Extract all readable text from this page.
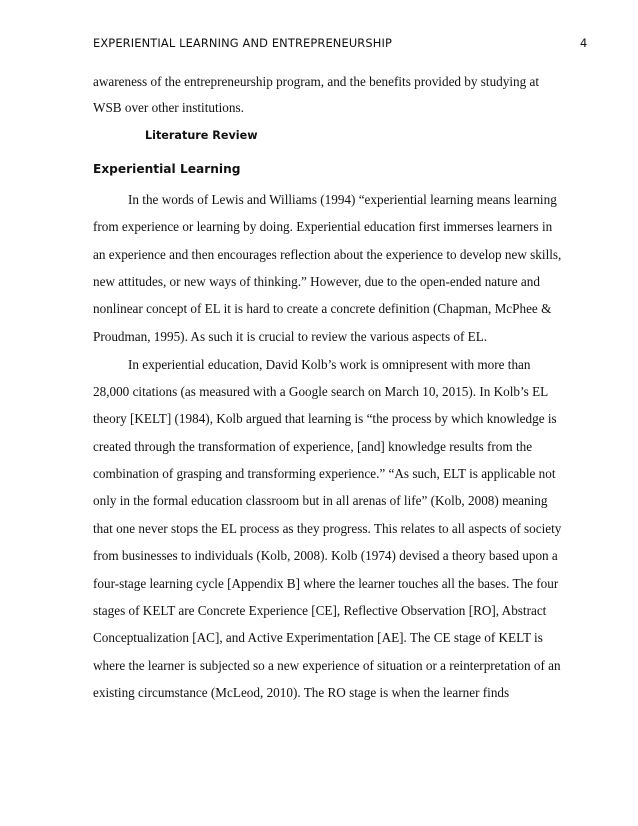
EXPERIENTIAL LEARNING AND ENTREPRENEURSHIP	4
awareness of the entrepreneurship program, and the benefits provided by studying at
WSB over other institutions.
Literature Review
Experiential Learning
In the words of Lewis and Williams (1994) “experiential learning means learning
from experience or learning by doing. Experiential education first immerses learners in
an experience and then encourages reflection about the experience to develop new skills,
new attitudes, or new ways of thinking.” However, due to the open-ended nature and
nonlinear concept of EL it is hard to create a concrete definition (Chapman, McPhee &
Proudman, 1995). As such it is crucial to review the various aspects of EL.
In experiential education, David Kolb’s work is omnipresent with more than
28,000 citations (as measured with a Google search on March 10, 2015). In Kolb’s EL
theory [KELT] (1984), Kolb argued that learning is “the process by which knowledge is
created through the transformation of experience, [and] knowledge results from the
combination of grasping and transforming experience.” “As such, ELT is applicable not
only in the formal education classroom but in all arenas of life” (Kolb, 2008) meaning
that one never stops the EL process as they progress. This relates to all aspects of society
from businesses to individuals (Kolb, 2008). Kolb (1974) devised a theory based upon a
four-stage learning cycle [Appendix B] where the learner touches all the bases. The four
stages of KELT are Concrete Experience [CE], Reflective Observation [RO], Abstract
Conceptualization [AC], and Active Experimentation [AE]. The CE stage of KELT is
where the learner is subjected so a new experience of situation or a reinterpretation of an
existing circumstance (McLeod, 2010). The RO stage is when the learner finds
